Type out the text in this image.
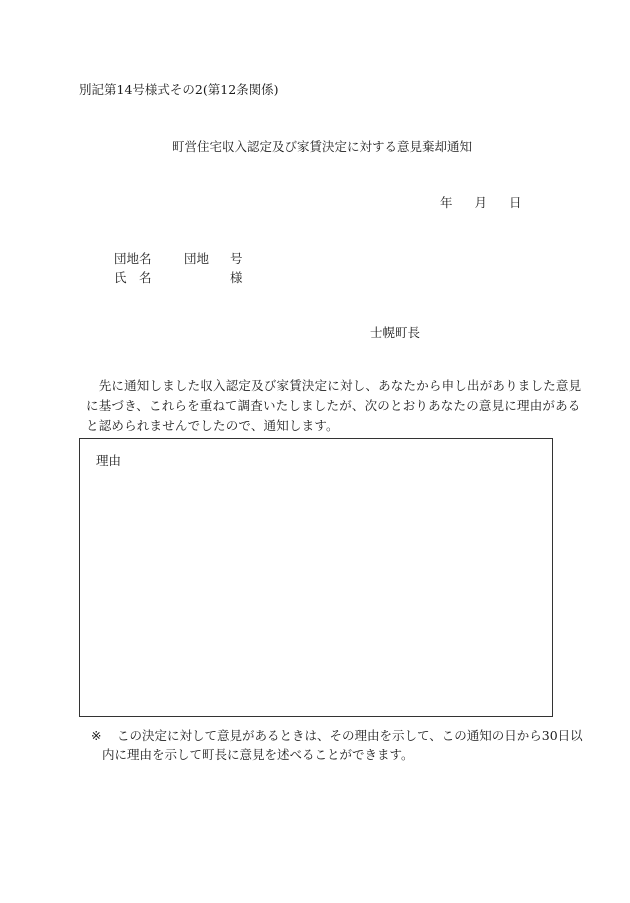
別記第14号様式その2(第12条関係)
町営住宅収入認定及び家賃決定に対する意見棄却通知
年 月 日
団地名	団地 号
氏　名	様
士幌町長
　先に通知しました収入認定及び家賃決定に対し、あなたから申し出がありました意見
に基づき、これらを重ねて調査いたしましたが、次のとおりあなたの意見に理由がある
と認められませんでしたので、通知します。
理由
※ この決定に対して意見があるときは、その理由を示して、この通知の日から30日以
内に理由を示して町長に意見を述べることができます。
